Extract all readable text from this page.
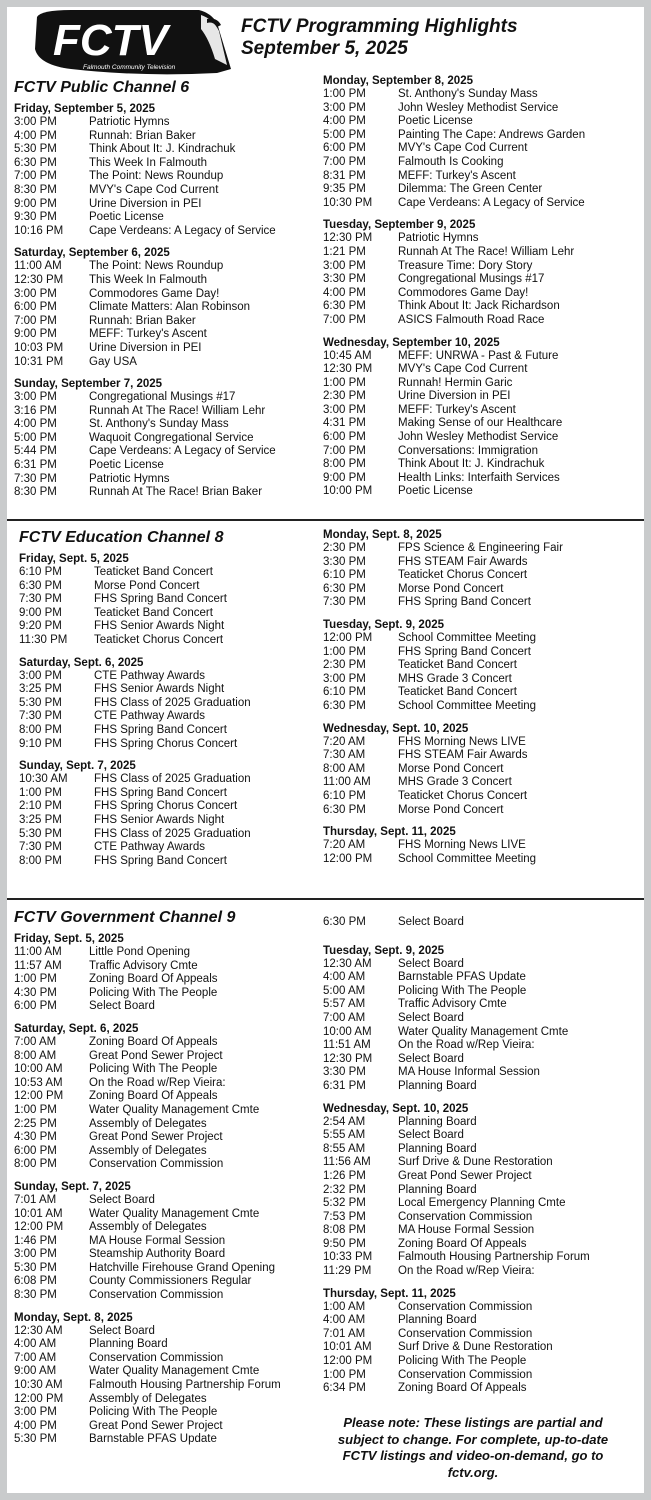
FCTV
Falmouth Community Television
FCTV Programming Highlights
September 5, 2025
FCTV Public Channel 6
Friday, September 5, 2025
3:00 PM	Patriotic Hymns
4:00 PM	Runnah: Brian Baker
5:30 PM	Think About It: J. Kindrachuk
6:30 PM	This Week In Falmouth
7:00 PM	The Point: News Roundup
8:30 PM	MVY's Cape Cod Current
9:00 PM	Urine Diversion in PEI
9:30 PM	Poetic License
10:16 PM	Cape Verdeans: A Legacy of Service
Saturday, September 6, 2025
11:00 AM	The Point: News Roundup
12:30 PM	This Week In Falmouth
3:00 PM	Commodores Game Day!
6:00 PM	Climate Matters: Alan Robinson
7:00 PM	Runnah: Brian Baker
9:00 PM	MEFF: Turkey's Ascent
10:03 PM	Urine Diversion in PEI
10:31 PM	Gay USA
Sunday, September 7, 2025
3:00 PM	Congregational Musings #17
3:16 PM	Runnah At The Race! William Lehr
4:00 PM	St. Anthony's Sunday Mass
5:00 PM	Waquoit Congregational Service
5:44 PM	Cape Verdeans: A Legacy of Service
6:31 PM	Poetic License
7:30 PM	Patriotic Hymns
8:30 PM	Runnah At The Race! Brian Baker
Monday, September 8, 2025
1:00 PM	St. Anthony's Sunday Mass
3:00 PM	John Wesley Methodist Service
4:00 PM	Poetic License
5:00 PM	Painting The Cape: Andrews Garden
6:00 PM	MVY's Cape Cod Current
7:00 PM	Falmouth Is Cooking
8:31 PM	MEFF: Turkey's Ascent
9:35 PM	Dilemma: The Green Center
10:30 PM	Cape Verdeans: A Legacy of Service
Tuesday, September 9, 2025
12:30 PM	Patriotic Hymns
1:21 PM	Runnah At The Race! William Lehr
3:00 PM	Treasure Time: Dory Story
3:30 PM	Congregational Musings #17
4:00 PM	Commodores Game Day!
6:30 PM	Think About It: Jack Richardson
7:00 PM	ASICS Falmouth Road Race
Wednesday, September 10, 2025
10:45 AM	MEFF: UNRWA - Past & Future
12:30 PM	MVY's Cape Cod Current
1:00 PM	Runnah! Hermin Garic
2:30 PM	Urine Diversion in PEI
3:00 PM	MEFF: Turkey's Ascent
4:31 PM	Making Sense of our Healthcare
6:00 PM	John Wesley Methodist Service
7:00 PM	Conversations: Immigration
8:00 PM	Think About It: J. Kindrachuk
9:00 PM	Health Links: Interfaith Services
10:00 PM	Poetic License
FCTV Education Channel 8
Friday, Sept. 5, 2025
6:10 PM	Teaticket Band Concert
6:30 PM	Morse Pond Concert
7:30 PM	FHS Spring Band Concert
9:00 PM	Teaticket Band Concert
9:20 PM	FHS Senior Awards Night
11:30 PM	Teaticket Chorus Concert
Saturday, Sept. 6, 2025
3:00 PM	CTE Pathway Awards
3:25 PM	FHS Senior Awards Night
5:30 PM	FHS Class of 2025 Graduation
7:30 PM	CTE Pathway Awards
8:00 PM	FHS Spring Band Concert
9:10 PM	FHS Spring Chorus Concert
Sunday, Sept. 7, 2025
10:30 AM	FHS Class of 2025 Graduation
1:00 PM	FHS Spring Band Concert
2:10 PM	FHS Spring Chorus Concert
3:25 PM	FHS Senior Awards Night
5:30 PM	FHS Class of 2025 Graduation
7:30 PM	CTE Pathway Awards
8:00 PM	FHS Spring Band Concert
Monday, Sept. 8, 2025
2:30 PM	FPS Science & Engineering Fair
3:30 PM	FHS STEAM Fair Awards
6:10 PM	Teaticket Chorus Concert
6:30 PM	Morse Pond Concert
7:30 PM	FHS Spring Band Concert
Tuesday, Sept. 9, 2025
12:00 PM	School Committee Meeting
1:00 PM	FHS Spring Band Concert
2:30 PM	Teaticket Band Concert
3:00 PM	MHS Grade 3 Concert
6:10 PM	Teaticket Band Concert
6:30 PM	School Committee Meeting
Wednesday, Sept. 10, 2025
7:20 AM	FHS Morning News LIVE
7:30 AM	FHS STEAM Fair Awards
8:00 AM	Morse Pond Concert
11:00 AM	MHS Grade 3 Concert
6:10 PM	Teaticket Chorus Concert
6:30 PM	Morse Pond Concert
Thursday, Sept. 11, 2025
7:20 AM	FHS Morning News LIVE
12:00 PM	School Committee Meeting
FCTV Government Channel 9
Friday, Sept. 5, 2025
11:00 AM	Little Pond Opening
11:57 AM	Traffic Advisory Cmte
1:00 PM	Zoning Board Of Appeals
4:30 PM	Policing With The People
6:00 PM	Select Board
Saturday, Sept. 6, 2025
7:00 AM	Zoning Board Of Appeals
8:00 AM	Great Pond Sewer Project
10:00 AM	Policing With The People
10:53 AM	On the Road w/Rep Vieira:
12:00 PM	Zoning Board Of Appeals
1:00 PM	Water Quality Management Cmte
2:25 PM	Assembly of Delegates
4:30 PM	Great Pond Sewer Project
6:00 PM	Assembly of Delegates
8:00 PM	Conservation Commission
Sunday, Sept. 7, 2025
7:01 AM	Select Board
10:01 AM	Water Quality Management Cmte
12:00 PM	Assembly of Delegates
1:46 PM	MA House Formal Session
3:00 PM	Steamship Authority Board
5:30 PM	Hatchville Firehouse Grand Opening
6:08 PM	County Commissioners Regular
8:30 PM	Conservation Commission
Monday, Sept. 8, 2025
12:30 AM	Select Board
4:00 AM	Planning Board
7:00 AM	Conservation Commission
9:00 AM	Water Quality Management Cmte
10:30 AM	Falmouth Housing Partnership Forum
12:00 PM	Assembly of Delegates
3:00 PM	Policing With The People
4:00 PM	Great Pond Sewer Project
5:30 PM	Barnstable PFAS Update
6:30 PM	Select Board
Tuesday, Sept. 9, 2025
12:30 AM	Select Board
4:00 AM	Barnstable PFAS Update
5:00 AM	Policing With The People
5:57 AM	Traffic Advisory Cmte
7:00 AM	Select Board
10:00 AM	Water Quality Management Cmte
11:51 AM	On the Road w/Rep Vieira:
12:30 PM	Select Board
3:30 PM	MA House Informal Session
6:31 PM	Planning Board
Wednesday, Sept. 10, 2025
2:54 AM	Planning Board
5:55 AM	Select Board
8:55 AM	Planning Board
11:56 AM	Surf Drive & Dune Restoration
1:26 PM	Great Pond Sewer Project
2:32 PM	Planning Board
5:32 PM	Local Emergency Planning Cmte
7:53 PM	Conservation Commission
8:08 PM	MA House Formal Session
9:50 PM	Zoning Board Of Appeals
10:33 PM	Falmouth Housing Partnership Forum
11:29 PM	On the Road w/Rep Vieira:
Thursday, Sept. 11, 2025
1:00 AM	Conservation Commission
4:00 AM	Planning Board
7:01 AM	Conservation Commission
10:01 AM	Surf Drive & Dune Restoration
12:00 PM	Policing With The People
1:00 PM	Conservation Commission
6:34 PM	Zoning Board Of Appeals
Please note: These listings are partial and subject to change. For complete, up-to-date FCTV listings and video-on-demand, go to fctv.org.
